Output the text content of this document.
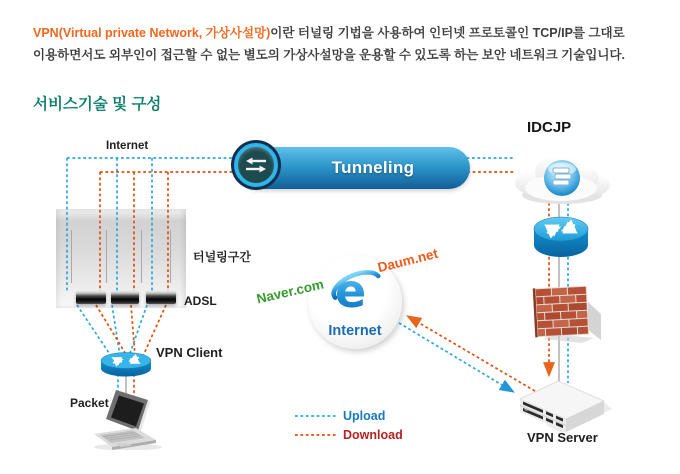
VPN(Virtual private Network, 가상사설망)이란 터널링 기법을 사용하여 인터넷 프로토콜인 TCP/IP를 그대로
이용하면서도 외부인이 접근할 수 없는 별도의 가상사설망을 운용할 수 있도록 하는 보안 네트워크 기술입니다.
서비스기술 및 구성
Tunneling
Internet
IDCJP
터널링구간
ADSL
VPN Client
Packet
VPN Server
Naver.com
Daum.net
Upload
Download
e
Internet
